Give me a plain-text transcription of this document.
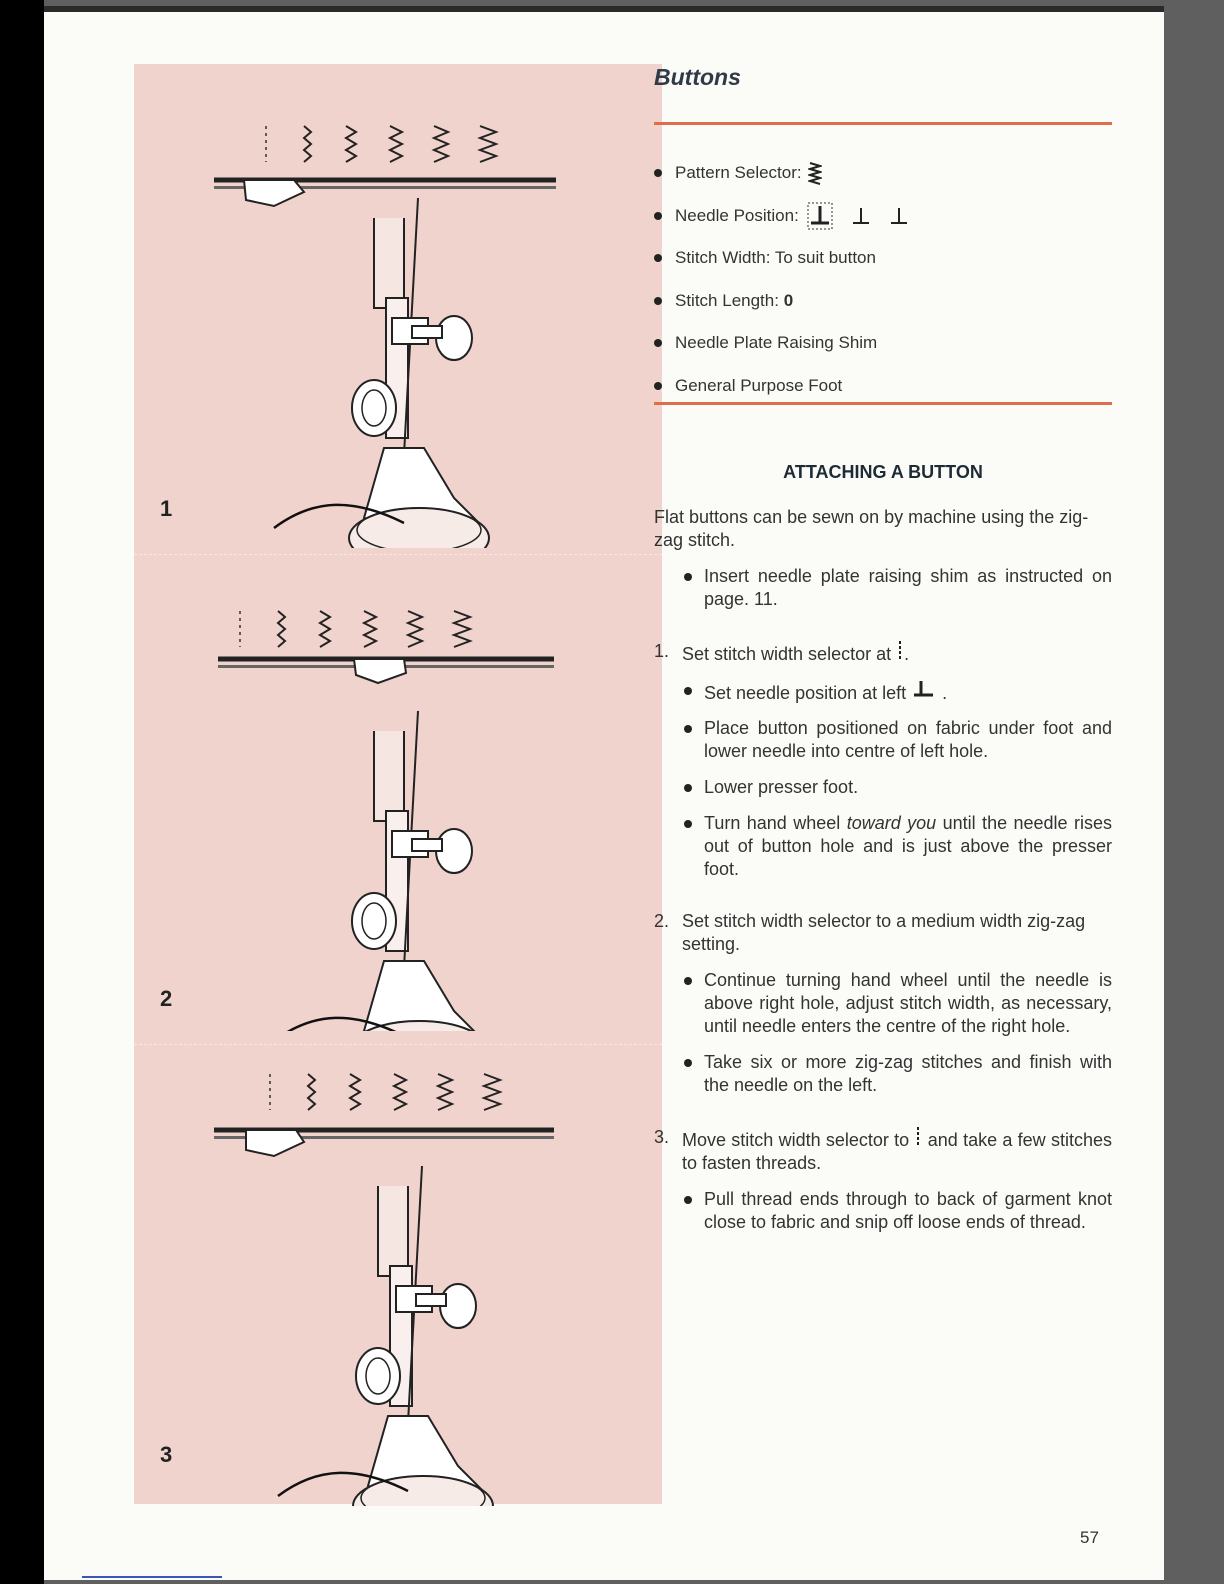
1
2
3
Buttons
Pattern Selector:
Needle Position:
Stitch Width: To suit button
Stitch Length:
0
Needle Plate Raising Shim
General Purpose Foot
ATTACHING A BUTTON

Flat buttons can be sewn on by machine using the zig-zag stitch.

Insert needle plate raising shim as instructed on page. 11.
1. Set stitch width selector at .
Set needle position at left  .
Place button positioned on fabric under foot and lower needle into centre of left hole.
Lower presser foot.
Turn hand wheel toward you until the needle rises out of button hole and is just above the presser foot.
2. Set stitch width selector to a medium width zig-zag setting.
Continue turning hand wheel until the needle is above right hole, adjust stitch width, as necessary, until needle enters the centre of the right hole.
Take six or more zig-zag stitches and finish with the needle on the left.
3. Move stitch width selector to and take a few stitches to fasten threads.
Pull thread ends through to back of garment knot close to fabric and snip off loose ends of thread.
57
